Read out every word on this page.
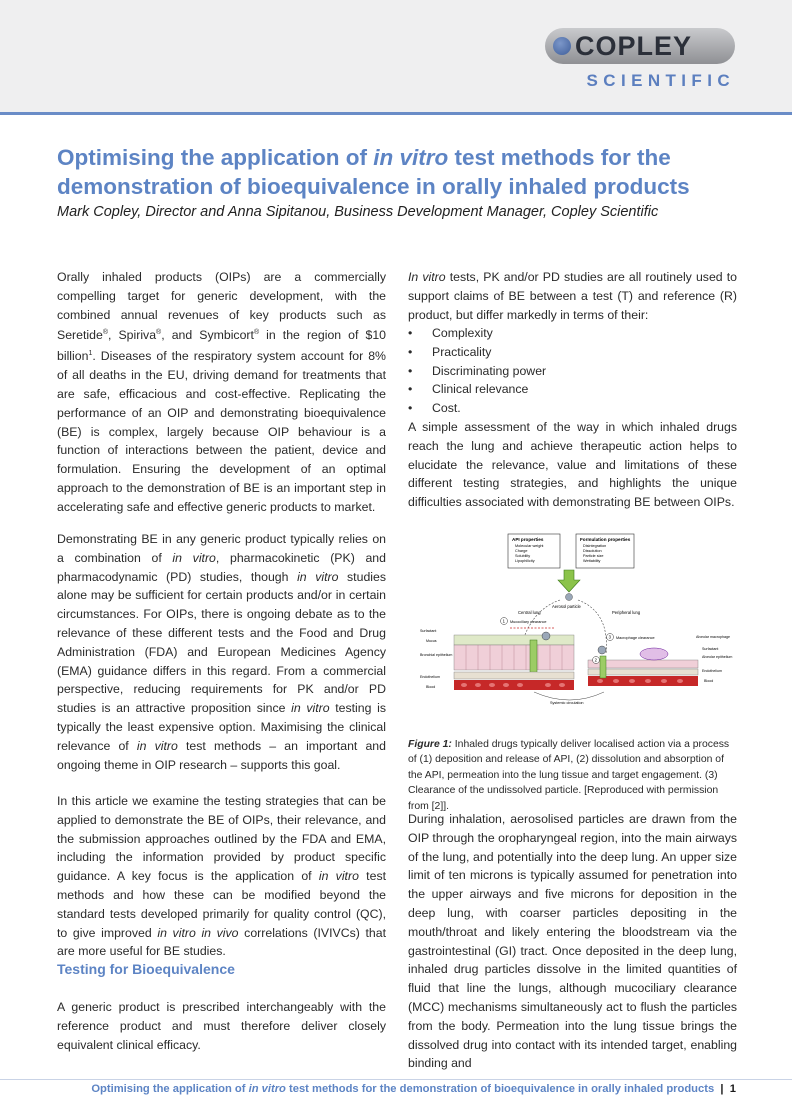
COPLEY
SCIENTIFIC
Optimising the application of in vitro test methods for the demonstration of bioequivalence in orally inhaled products

Mark Copley, Director and Anna Sipitanou, Business Development Manager, Copley Scientific

Orally inhaled products (OIPs) are a commercially compelling target for generic development, with the combined annual revenues of key products such as Seretide®, Spiriva®, and Symbicort® in the region of $10 billion$^1$. Diseases of the respiratory system account for 8% of all deaths in the EU, driving demand for treatments that are safe, efficacious and cost-effective. Replicating the performance of an OIP and demonstrating bioequivalence (BE) is complex, largely because OIP behaviour is a function of interactions between the patient, device and formulation. Ensuring the development of an optimal approach to the demonstration of BE is an important step in accelerating safe and effective generic products to market.

Demonstrating BE in any generic product typically relies on a combination of in vitro, pharmacokinetic (PK) and pharmacodynamic (PD) studies, though in vitro studies alone may be sufficient for certain products and/or in certain circumstances. For OIPs, there is ongoing debate as to the relevance of these different tests and the Food and Drug Administration (FDA) and European Medicines Agency (EMA) guidance differs in this regard. From a commercial perspective, reducing requirements for PK and/or PD studies is an attractive proposition since in vitro testing is typically the least expensive option. Maximising the clinical relevance of in vitro test methods – an important and ongoing theme in OIP research – supports this goal.

In this article we examine the testing strategies that can be applied to demonstrate the BE of OIPs, their relevance, and the submission approaches outlined by the FDA and EMA, including the information provided by product specific guidance. A key focus is the application of in vitro test methods and how these can be modified beyond the standard tests developed primarily for quality control (QC), to give improved in vitro in vivo correlations (IVIVCs) that are more useful for BE studies.

Testing for Bioequivalence

A generic product is prescribed interchangeably with the reference product and must therefore deliver closely equivalent clinical efficacy.

In vitro tests, PK and/or PD studies are all routinely used to support claims of BE between a test (T) and reference (R) product, but differ markedly in terms of their:

• Complexity
• Practicality
• Discriminating power
• Clinical relevance
• Cost.

A simple assessment of the way in which inhaled drugs reach the lung and achieve therapeutic action helps to elucidate the relevance, value and limitations of these different testing strategies, and highlights the unique difficulties associated with demonstrating BE between OIPs.

During inhalation, aerosolised particles are drawn from the OIP through the oropharyngeal region, into the main airways of the lung, and potentially into the deep lung. An upper size limit of ten microns is typically assumed for penetration into the upper airways and five microns for deposition in the deep lung, with coarser particles depositing in the mouth/throat and likely entering the bloodstream via the gastrointestinal (GI) tract. Once deposited in the deep lung, inhaled drug particles dissolve in the limited quantities of fluid that line the lungs, although mucociliary clearance (MCC) mechanisms simultaneously act to flush the particles from the body. Permeation into the lung tissue brings the dissolved drug into contact with its intended target, enabling binding and

API properties
Molecular weight
Charge
Solubility
Lipophilicity
Formulation properties
Disintegration
Dissolution
Particle size
Wettability
Aerosol particle
Central lung	Peripheral lung
Surfactant
Mucus
Bronchial epithelium
Endothelium
Blood
1 Mucociliary clearance
3 Macrophage clearance
2
Alveolar macrophage
Surfactant
Alveolar epithelium
Endothelium
Blood
Systemic circulation
Figure 1: Inhaled drugs typically deliver localised action via a process of (1) deposition and release of API, (2) dissolution and absorption of the API, permeation into the lung tissue and target engagement. (3) Clearance of the undissolved particle. [Reproduced with permission from [2]].
Optimising the application of in vitro test methods for the demonstration of bioequivalence in orally inhaled products  |  1
